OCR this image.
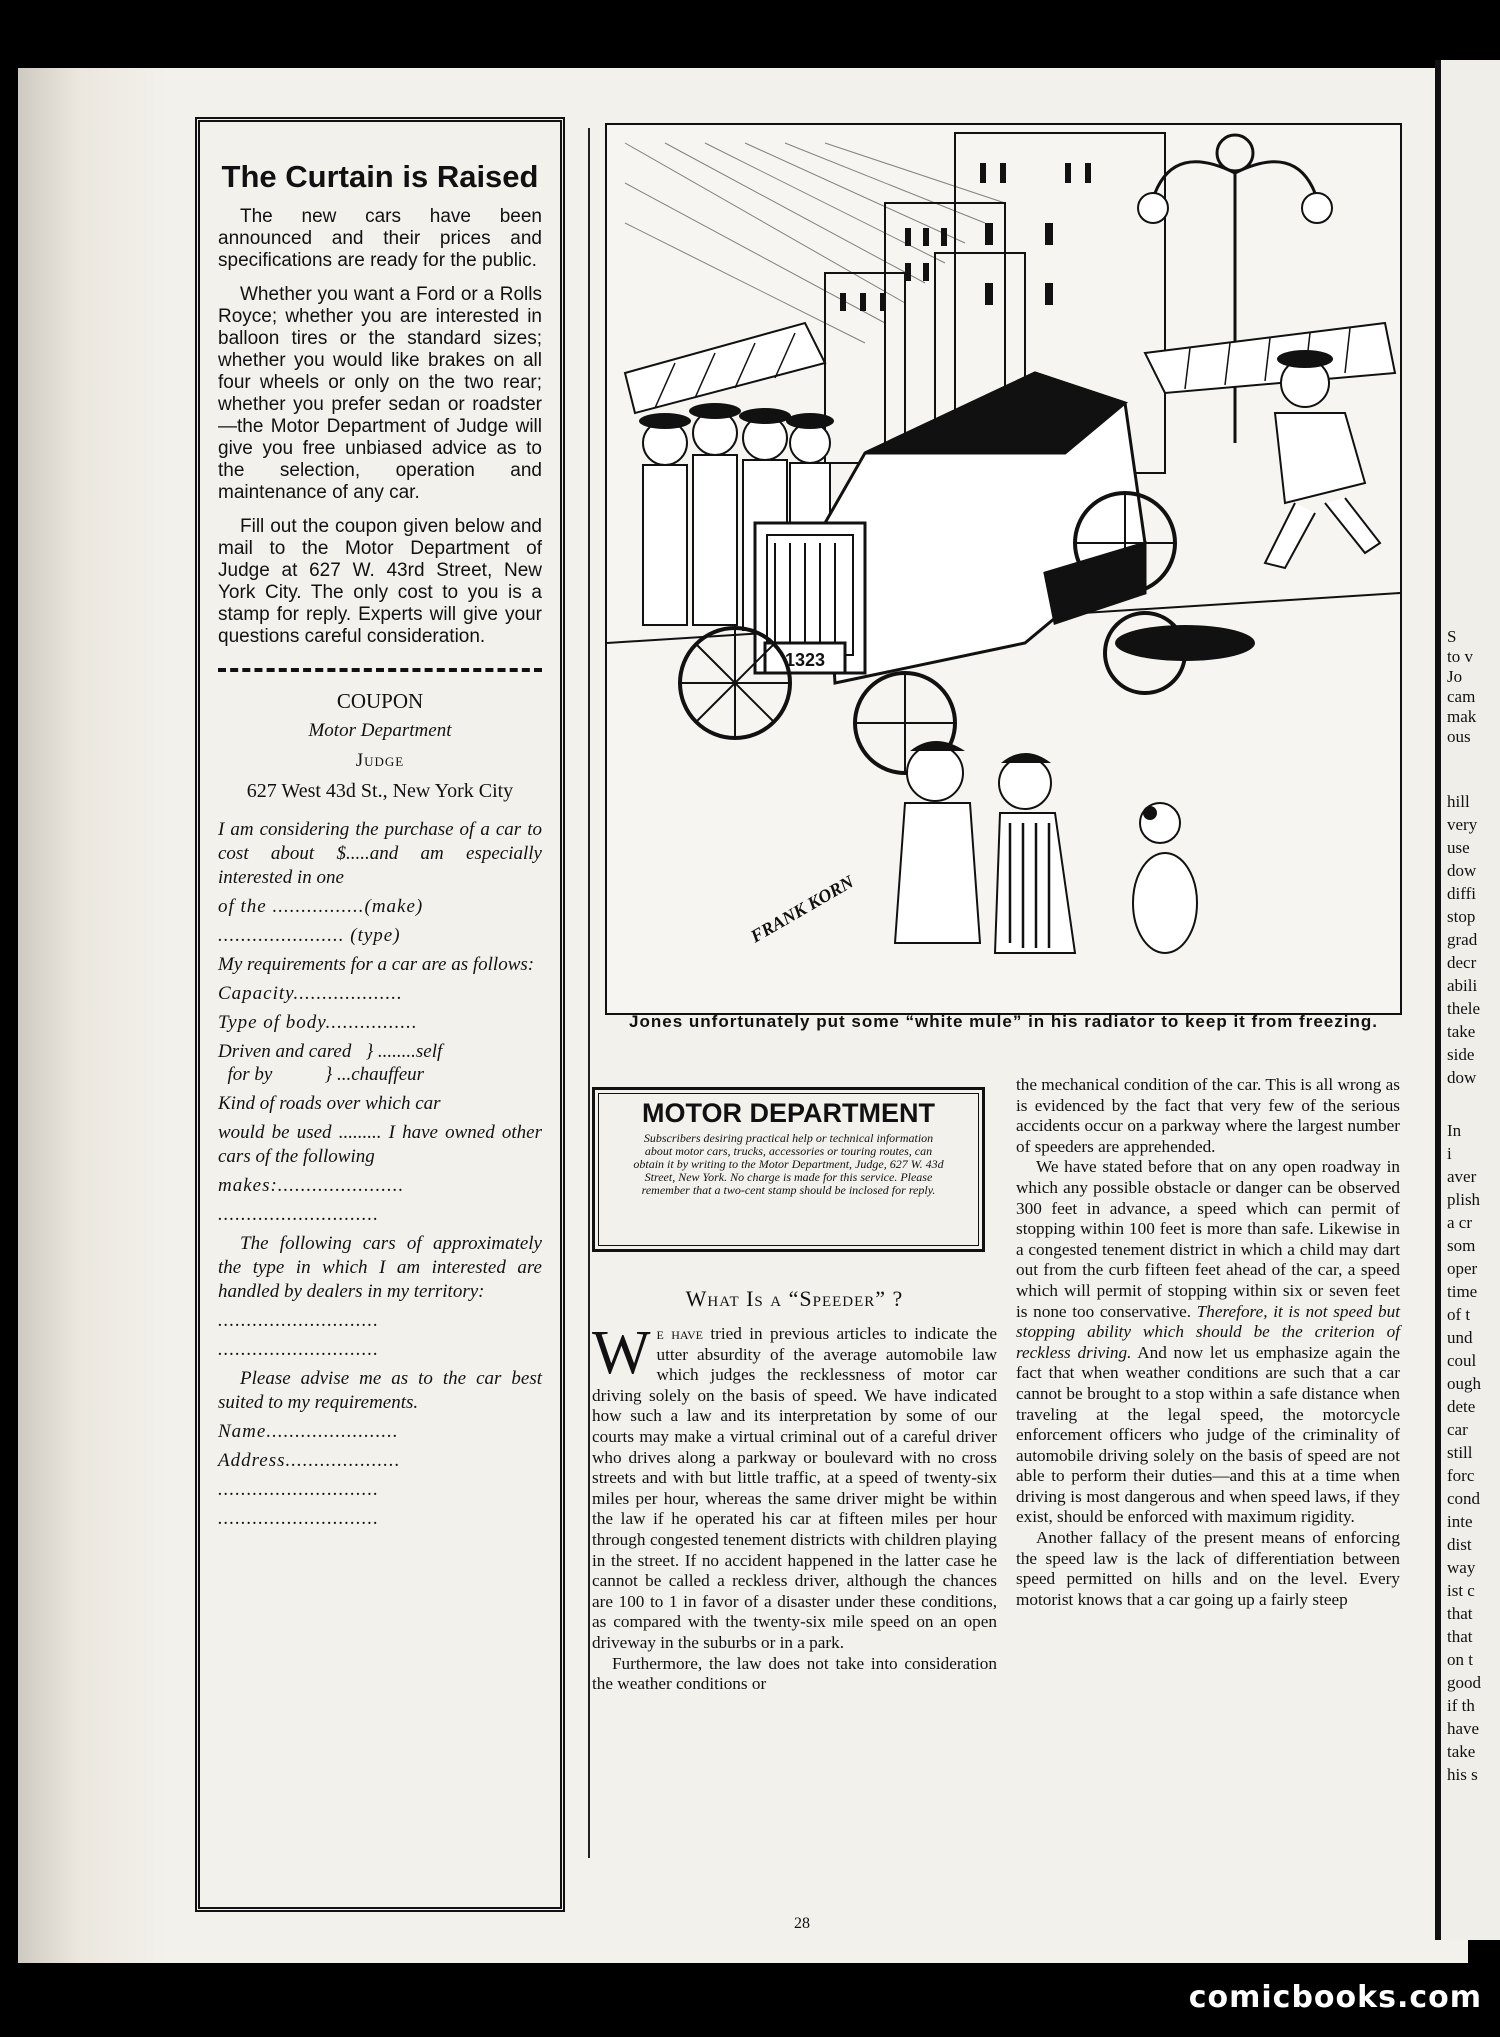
S
to v
Jo
cam
mak
ous
hill
very
use
dow
diffi
stop
grad
decr
abili
thele
take
side
dow
In
i
aver
plish
a cr
som
oper
time
of t
und
coul
ough
dete
car
still
forc
cond
inte
dist
way
ist c
that
that
on t
good
if th
have
take
his s
The Curtain is Raised

The new cars have been announced and their prices and specifications are ready for the public.

Whether you want a Ford or a Rolls Royce; whether you are interested in balloon tires or the standard sizes; whether you would like brakes on all four wheels or only on the two rear; whether you prefer sedan or roadster—the Motor Department of Judge will give you free unbiased advice as to the selection, operation and maintenance of any car.

Fill out the coupon given below and mail to the Motor Department of Judge at 627 W. 43rd Street, New York City. The only cost to you is a stamp for reply. Experts will give your questions careful consideration.

COUPON
Motor Department
Judge
627 West 43d St., New York City
I am considering the purchase of a car to cost about $.....and am especially interested in one
of the ................(make)
...................... (type)
My requirements for a car are as follows:
Capacity...................
Type of body................
Driven and cared   } ........self
for by           } ...chauffeur
Kind of roads over which car
would be used ......... I have owned other cars of the following
makes:......................
............................
The following cars of approximately the type in which I am interested are handled by dealers in my territory:
............................
............................
Please advise me as to the car best suited to my requirements.
Name.......................
Address....................
............................
............................
1323
FRANK KORN
Jones unfortunately put some “white mule” in his radiator to keep it from freezing.
MOTOR DEPARTMENT
Subscribers desiring practical help or technical information about motor cars, trucks, accessories or touring routes, can obtain it by writing to the Motor Department, Judge, 627 W. 43d Street, New York. No charge is made for this service. Please remember that a two-cent stamp should be inclosed for reply.
What Is a “Speeder” ?

We have tried in previous articles to indicate the utter absurdity of the average automobile law which judges the recklessness of motor car driving solely on the basis of speed. We have indicated how such a law and its interpretation by some of our courts may make a virtual criminal out of a careful driver who drives along a parkway or boulevard with no cross streets and with but little traffic, at a speed of twenty-six miles per hour, whereas the same driver might be within the law if he operated his car at fifteen miles per hour through congested tenement districts with children playing in the street. If no accident happened in the latter case he cannot be called a reckless driver, although the chances are 100 to 1 in favor of a disaster under these conditions, as compared with the twenty-six mile speed on an open driveway in the suburbs or in a park.

Furthermore, the law does not take into consideration the weather conditions or

the mechanical condition of the car. This is all wrong as is evidenced by the fact that very few of the serious accidents occur on a parkway where the largest number of speeders are apprehended.

We have stated before that on any open roadway in which any possible obstacle or danger can be observed 300 feet in advance, a speed which can permit of stopping within 100 feet is more than safe. Likewise in a congested tenement district in which a child may dart out from the curb fifteen feet ahead of the car, a speed which will permit of stopping within six or seven feet is none too conservative. Therefore, it is not speed but stopping ability which should be the criterion of reckless driving. And now let us emphasize again the fact that when weather conditions are such that a car cannot be brought to a stop within a safe distance when traveling at the legal speed, the motorcycle enforcement officers who judge of the criminality of automobile driving solely on the basis of speed are not able to perform their duties—and this at a time when driving is most dangerous and when speed laws, if they exist, should be enforced with maximum rigidity.

Another fallacy of the present means of enforcing the speed law is the lack of differentiation between speed permitted on hills and on the level. Every motorist knows that a car going up a fairly steep

28
comicbooks.com
